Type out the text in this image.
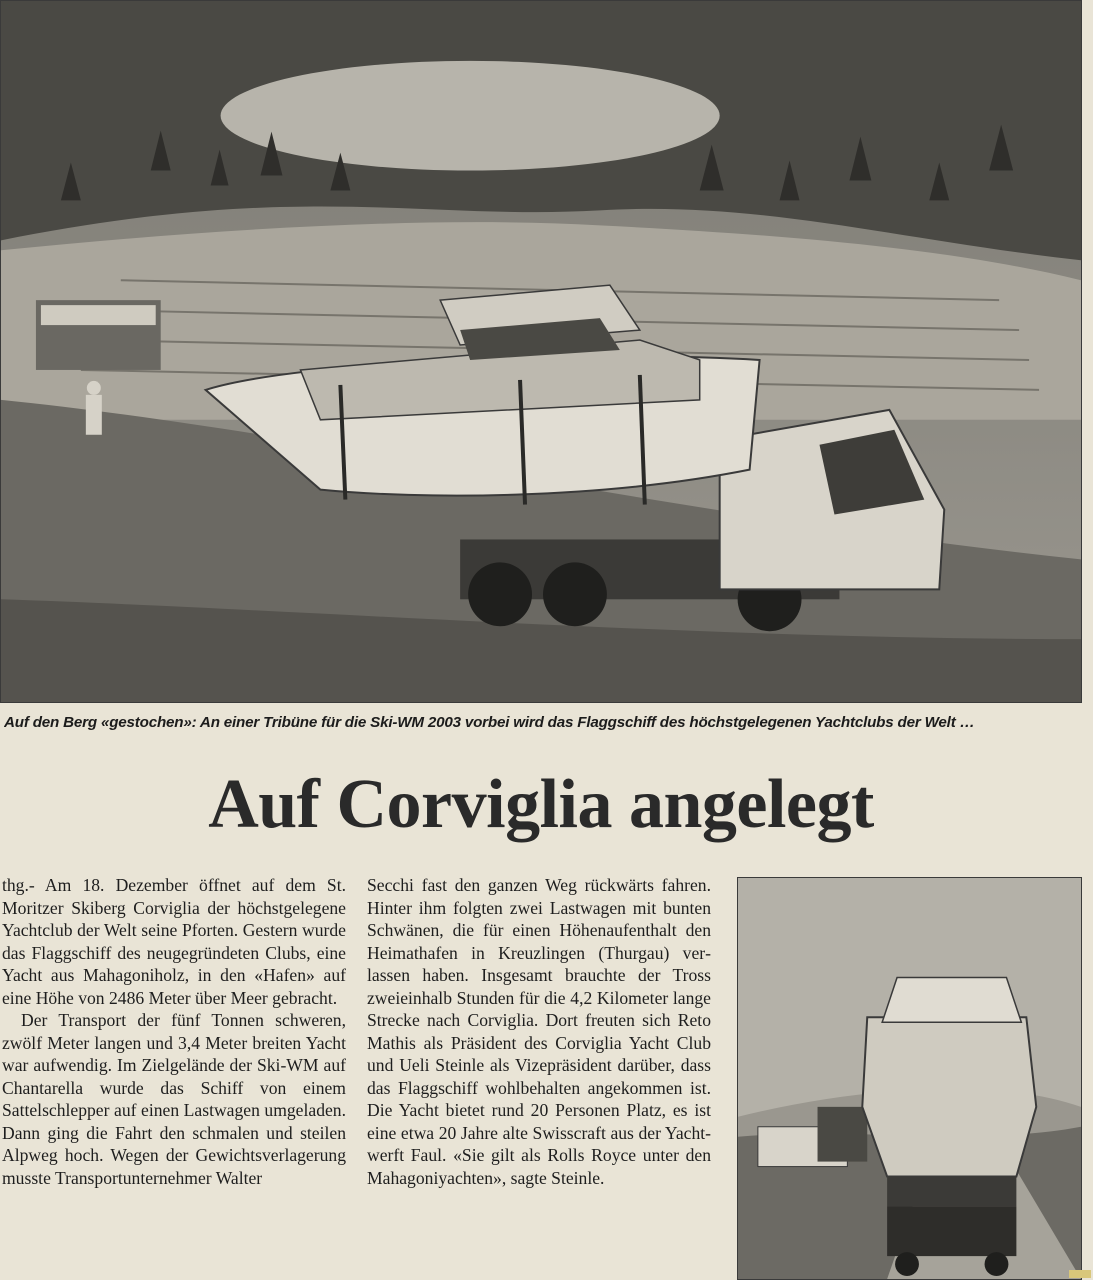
Auf den Berg «gestochen»: An einer Tribüne für die Ski-WM 2003 vorbei wird das Flaggschiff des höchstgelegenen Yachtclubs der Welt …
Auf Corviglia angelegt

thg.- Am 18. Dezember öffnet auf dem St. Moritzer Skiberg Corviglia der höchstgelegene Yachtclub der Welt seine Pforten. Gestern wurde das Flaggschiff des neugegründeten Clubs, eine Yacht aus Mahagoniholz, in den «Hafen» auf eine Höhe von 2486 Meter über Meer gebracht.

Der Transport der fünf Tonnen schweren, zwölf Meter langen und 3,4 Meter breiten Yacht war aufwendig. Im Zielgelände der Ski-WM auf Chantarella wurde das Schiff von einem Sattelschlepper auf einen Lastwagen umgeladen. Dann ging die Fahrt den schmalen und steilen Alpweg hoch. Wegen der Gewichtsverlagerung musste Transportunternehmer Walter

Secchi fast den ganzen Weg rückwärts fahren. Hinter ihm folgten zwei Lastwagen mit bunten Schwänen, die für einen Höhenaufenthalt den Heimathafen in Kreuzlingen (Thurgau) verlassen haben. Insgesamt brauchte der Tross zweieinhalb Stunden für die 4,2 Kilometer lange Strecke nach Corviglia. Dort freuten sich Reto Mathis als Präsident des Corviglia Yacht Club und Ueli Steinle als Vizepräsident darüber, dass das Flaggschiff wohlbehalten angekommen ist. Die Yacht bietet rund 20 Personen Platz, es ist eine etwa 20 Jahre alte Swisscraft aus der Yachtwerft Faul. «Sie gilt als Rolls Royce unter den Mahagoniyachten», sagte Steinle.
